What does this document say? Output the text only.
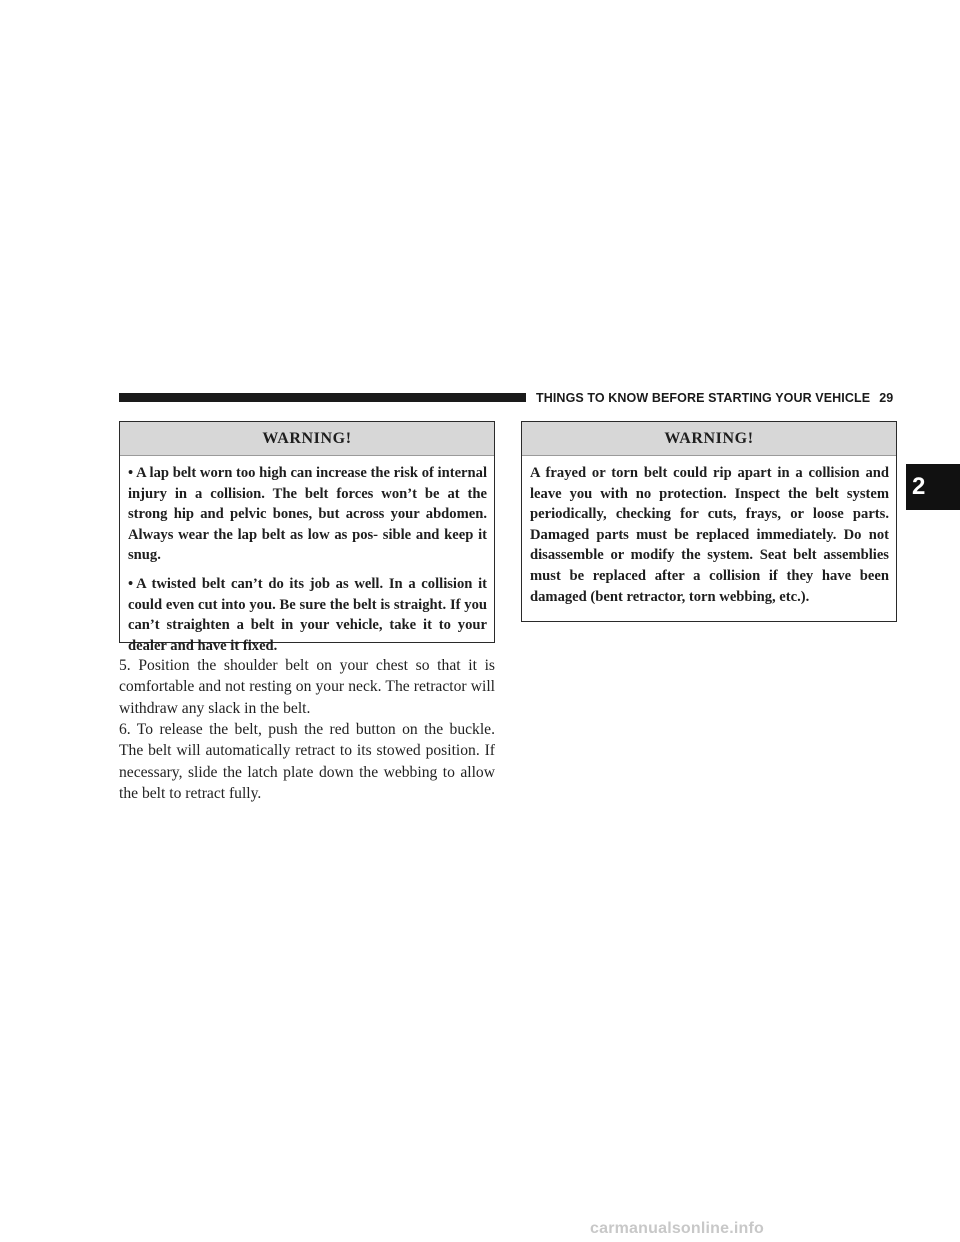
THINGS TO KNOW BEFORE STARTING YOUR VEHICLE 29
2
WARNING!

• A lap belt worn too high can increase the risk of internal injury in a collision. The belt forces won’t be at the strong hip and pelvic bones, but across your abdomen. Always wear the lap belt as low as pos- sible and keep it snug.

• A twisted belt can’t do its job as well. In a collision it could even cut into you. Be sure the belt is straight. If you can’t straighten a belt in your vehicle, take it to your dealer and have it fixed.

5. Position the shoulder belt on your chest so that it is comfortable and not resting on your neck. The retractor will withdraw any slack in the belt.

6. To release the belt, push the red button on the buckle. The belt will automatically retract to its stowed position. If necessary, slide the latch plate down the webbing to allow the belt to retract fully.

WARNING!

A frayed or torn belt could rip apart in a collision and leave you with no protection. Inspect the belt system periodically, checking for cuts, frays, or loose parts. Damaged parts must be replaced immediately. Do not disassemble or modify the system. Seat belt assemblies must be replaced after a collision if they have been damaged (bent retractor, torn webbing, etc.).

carmanualsonline.info
